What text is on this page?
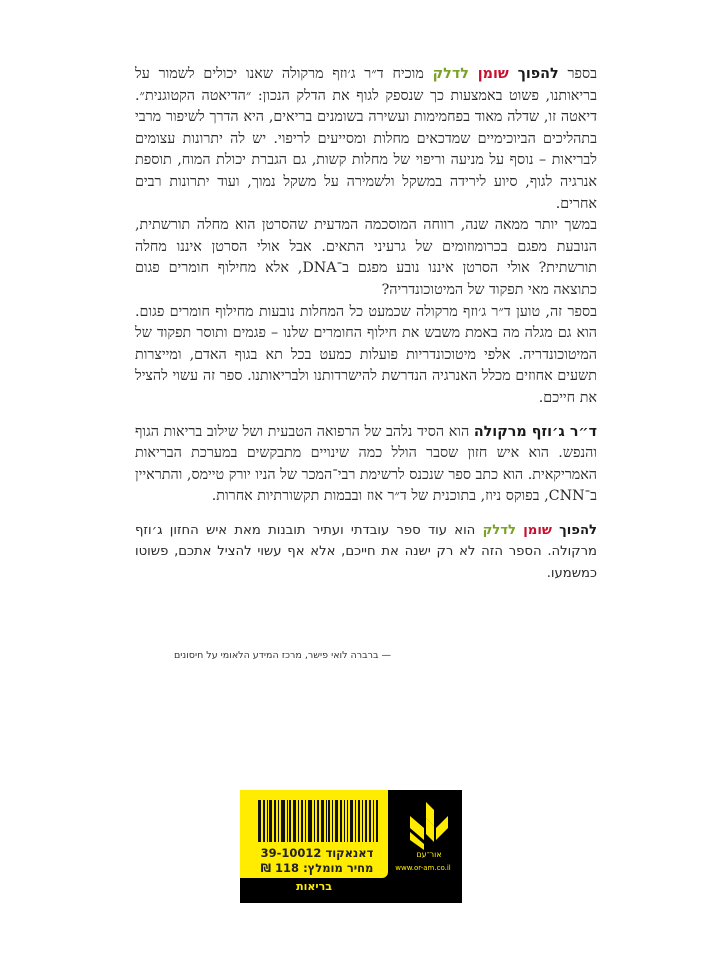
בספר להפוך שומן לדלק מוכיח ד״ר ג׳וזף מרקולה שאנו יכולים לשמור על בריאותנו, פשוט באמצעות כך שנספק לגוף את הדלק הנכון: ״הדיאטה הקטוגנית״. דיאטה זו, שדלה מאוד בפחמימות ועשירה בשומנים בריאים, היא הדרך לשיפור מרבי בתהליכים הביוכימיים שמדכאים מחלות ומסייעים לריפוי. יש לה יתרונות עצומים לבריאות – נוסף על מניעה וריפוי של מחלות קשות, גם הגברת יכולת המוח, תוספת אנרגיה לגוף, סיוע לירידה במשקל ולשמירה על משקל נמוך, ועוד יתרונות רבים אחרים.

במשך יותר ממאה שנה, רווחה המוסכמה המדעית שהסרטן הוא מחלה תורשתית, הנובעת מפגם בכרומוזומים של גרעיני התאים. אבל אולי הסרטן איננו מחלה תורשתית? אולי הסרטן איננו נובע מפגם ב־DNA, אלא מחילוף חומרים פגום כתוצאה מאי תפקוד של המיטוכונדריה?

בספר זה, טוען ד״ר ג׳וזף מרקולה שכמעט כל המחלות נובעות מחילוף חומרים פגום. הוא גם מגלה מה באמת משבש את חילוף החומרים שלנו – פגמים ותוסר תפקוד של המיטוכונדריה. אלפי מיטוכונדריות פועלות כמעט בכל תא בגוף האדם, ומייצרות תשעים אחוזים מכלל האנרגיה הנדרשת להישרדותנו ולבריאותנו. ספר זה עשוי להציל את חייכם.

ד״ר ג׳וזף מרקולה הוא הסיד נלהב של הרפואה הטבעית ושל שילוב בריאות הגוף והנפש. הוא איש חזון שסבר הולל כמה שינויים מתבקשים במערכת הבריאות האמריקאית. הוא כתב ספר שנכנס לרשימת רבי־המכר של הניו יורק טיימס, והתראיין ב־CNN, בפוקס ניוז, בתוכנית של ד״ר אוז ובבמות תקשורתיות אחרות.

להפוך שומן לדלק הוא עוד ספר עובדתי ועתיר תובנות מאת איש החזון ג׳וזף מרקולה. הספר הזה לא רק ישנה את חייכם, אלא אף עשוי להציל אתכם, פשוטו כמשמעו.

— ברברה לואי פישר, מרכז המידע הלאומי על חיסונים
דאנאקוד 39-10012
מחיר מומלץ: 118 ₪
בריאות
אור־עם
www.or-am.co.il
